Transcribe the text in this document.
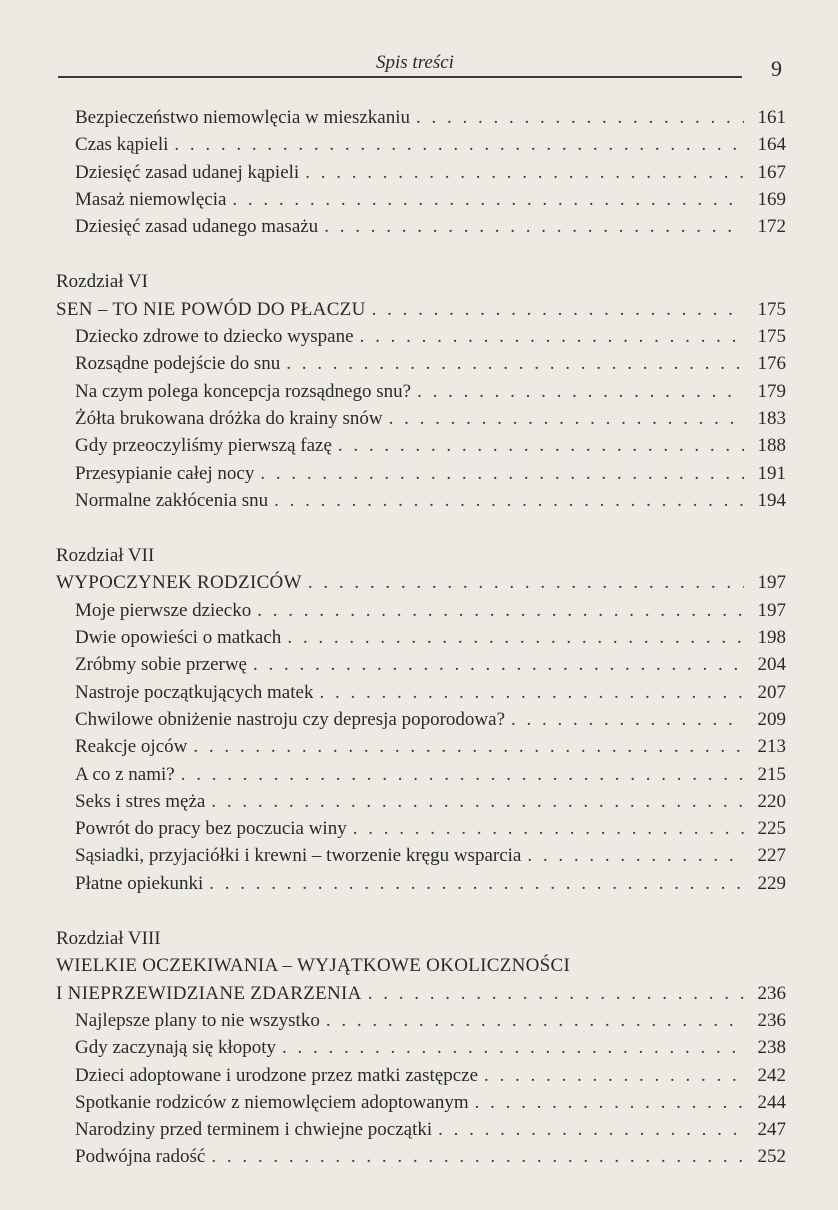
Spis treści	9
Bezpieczeństwo niemowlęcia w mieszkaniu . . .	161
Czas kąpieli . . .	164
Dziesięć zasad udanej kąpieli . . .	167
Masaż niemowlęcia . . .	169
Dziesięć zasad udanego masażu . . .	172
Rozdział VI
SEN – TO NIE POWÓD DO PŁACZU . . .	175
Dziecko zdrowe to dziecko wyspane . . .	175
Rozsądne podejście do snu . . .	176
Na czym polega koncepcja rozsądnego snu? . . .	179
Żółta brukowana dróżka do krainy snów . . .	183
Gdy przeoczyliśmy pierwszą fazę . . .	188
Przesypianie całej nocy . . .	191
Normalne zakłócenia snu . . .	194
Rozdział VII
WYPOCZYNEK RODZICÓW . . .	197
Moje pierwsze dziecko . . .	197
Dwie opowieści o matkach . . .	198
Zróbmy sobie przerwę . . .	204
Nastroje początkujących matek . . .	207
Chwilowe obniżenie nastroju czy depresja poporodowa? . . .	209
Reakcje ojców . . .	213
A co z nami? . . .	215
Seks i stres męża . . .	220
Powrót do pracy bez poczucia winy . . .	225
Sąsiadki, przyjaciółki i krewni – tworzenie kręgu wsparcia . . .	227
Płatne opiekunki . . .	229
Rozdział VIII
WIELKIE OCZEKIWANIA – WYJĄTKOWE OKOLICZNOŚCI
I NIEPRZEWIDZIANE ZDARZENIA . . .	236
Najlepsze plany to nie wszystko . . .	236
Gdy zaczynają się kłopoty . . .	238
Dzieci adoptowane i urodzone przez matki zastępcze . . .	242
Spotkanie rodziców z niemowlęciem adoptowanym . . .	244
Narodziny przed terminem i chwiejne początki . . .	247
Podwójna radość . . .	252
